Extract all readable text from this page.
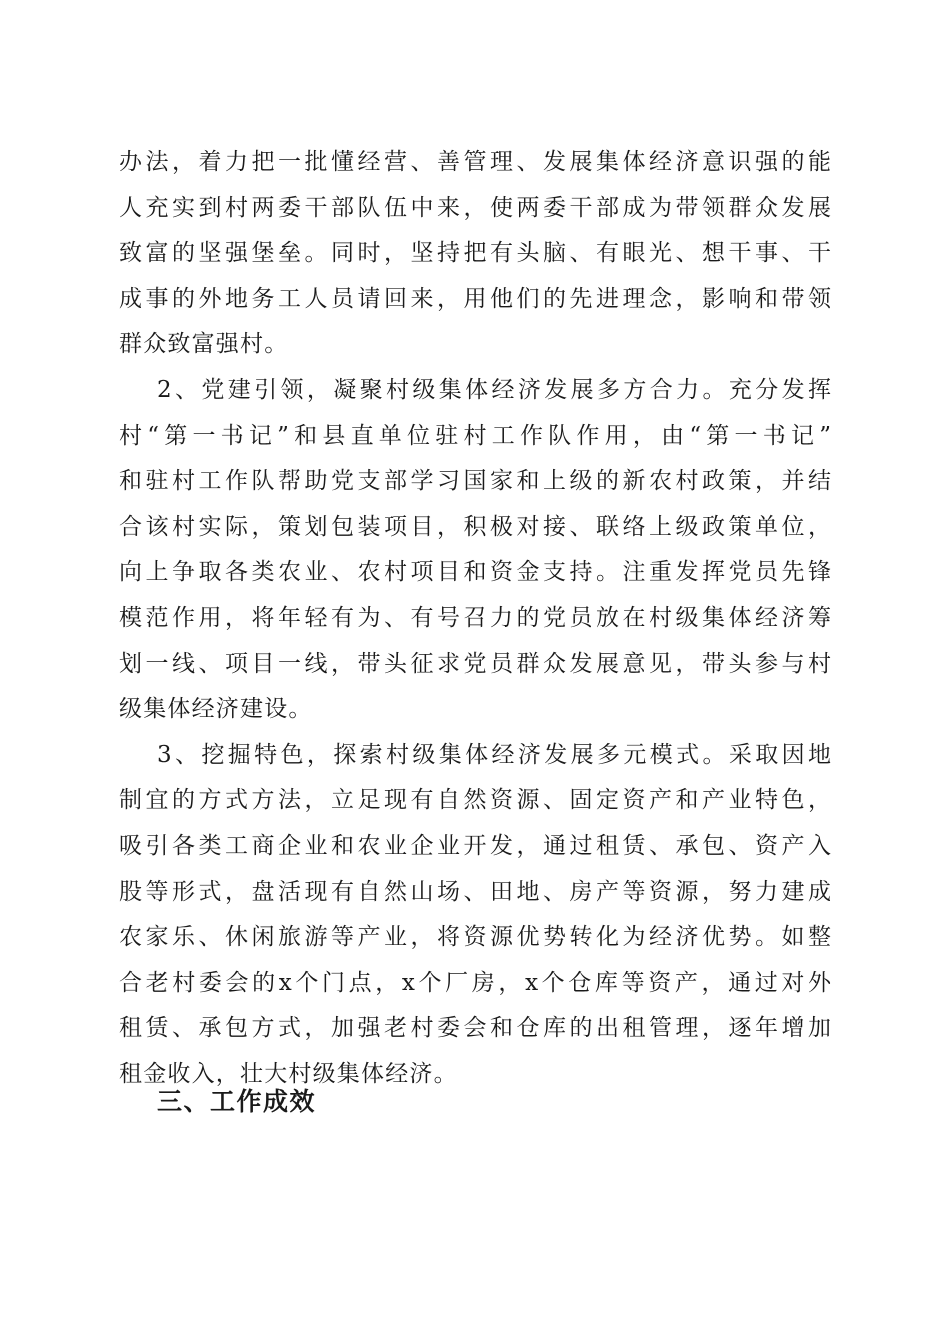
办法，着力把一批懂经营、善管理、发展集体经济意识强的能
人充实到村两委干部队伍中来，使两委干部成为带领群众发展
致富的坚强堡垒。同时，坚持把有头脑、有眼光、想干事、干
成事的外地务工人员请回来，用他们的先进理念，影响和带领
群众致富强村。
2、党建引领，凝聚村级集体经济发展多方合力。充分发挥
村“第一书记”和县直单位驻村工作队作用，由“第一书记”
和驻村工作队帮助党支部学习国家和上级的新农村政策，并结
合该村实际，策划包装项目，积极对接、联络上级政策单位，
向上争取各类农业、农村项目和资金支持。注重发挥党员先锋
模范作用，将年轻有为、有号召力的党员放在村级集体经济筹
划一线、项目一线，带头征求党员群众发展意见，带头参与村
级集体经济建设。
3、挖掘特色，探索村级集体经济发展多元模式。采取因地
制宜的方式方法，立足现有自然资源、固定资产和产业特色，
吸引各类工商企业和农业企业开发，通过租赁、承包、资产入
股等形式，盘活现有自然山场、田地、房产等资源，努力建成
农家乐、休闲旅游等产业，将资源优势转化为经济优势。如整
合老村委会的x个门点，x个厂房，x个仓库等资产，通过对外
租赁、承包方式，加强老村委会和仓库的出租管理，逐年增加
租金收入，壮大村级集体经济。
三、工作成效
